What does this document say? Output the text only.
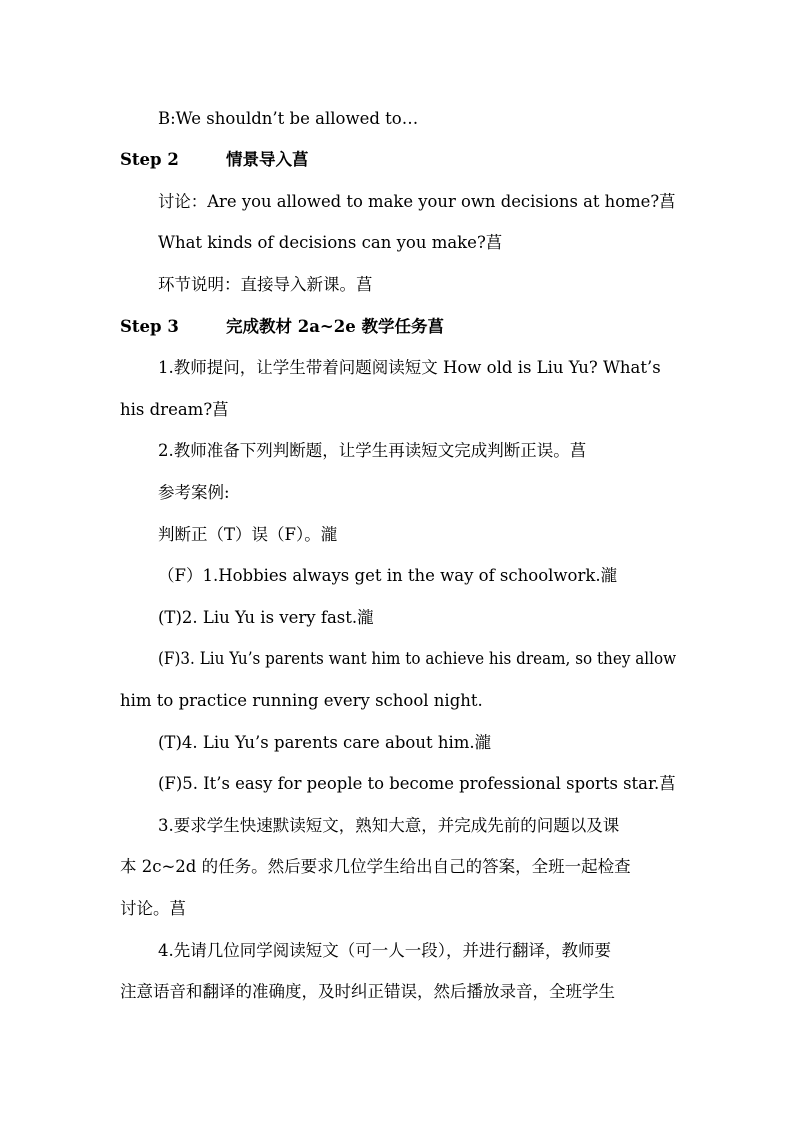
B:We shouldn’t be allowed to…
Step 2	情景导入菖
讨论：Are you allowed to make your own decisions at home?菖
What kinds of decisions can you make?菖
环节说明：直接导入新课。菖
Step 3	完成教材 2a~2e 教学任务菖
1.教师提问，让学生带着问题阅读短文 How old is Liu Yu? What’s
his dream?菖
2.教师准备下列判断题，让学生再读短文完成判断正误。菖
参考案例:
判断正（T）误（F）。瀧
（F）1.Hobbies always get in the way of schoolwork.瀧
(T)2. Liu Yu is very fast.瀧
(F)3. Liu Yu’s parents want him to achieve his dream, so they allow
him to practice running every school night.
(T)4. Liu Yu’s parents care about him.瀧
(F)5. It’s easy for people to become professional sports star.菖
3.要求学生快速默读短文，熟知大意，并完成先前的问题以及课
本 2c~2d 的任务。然后要求几位学生给出自己的答案，全班一起检查
讨论。菖
4.先请几位同学阅读短文（可一人一段），并进行翻译，教师要
注意语音和翻译的准确度，及时纠正错误，然后播放录音，全班学生
